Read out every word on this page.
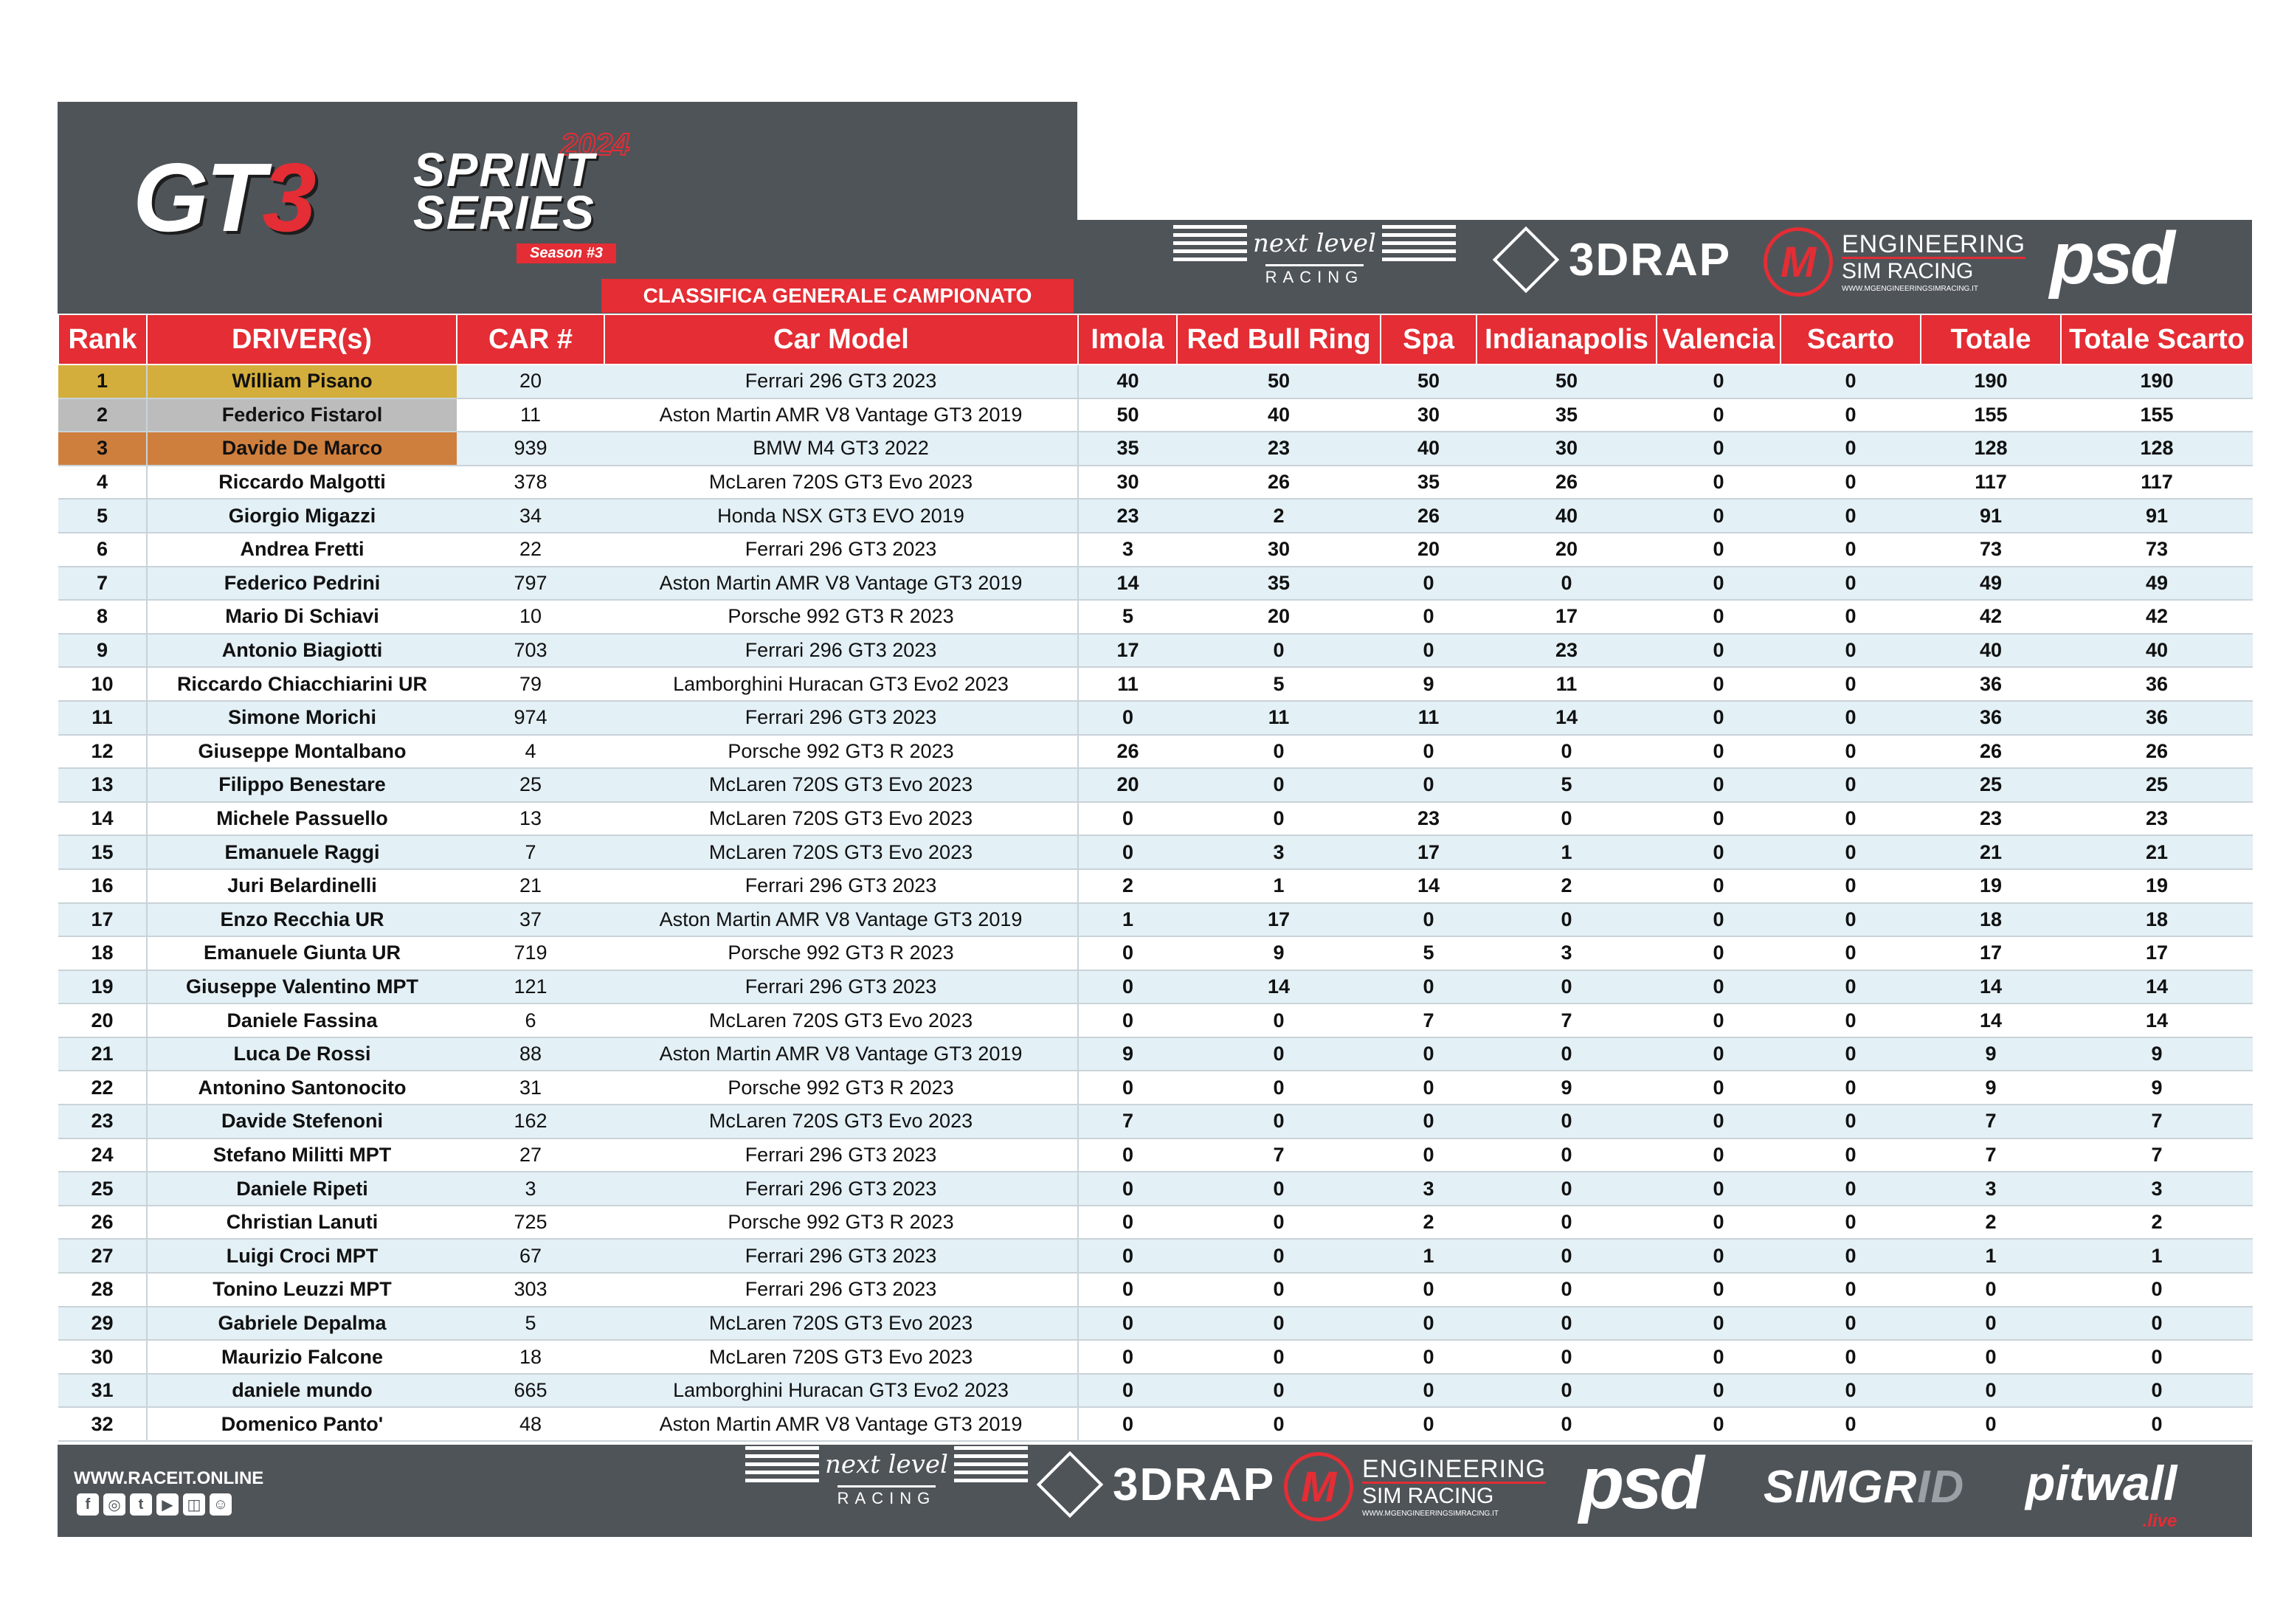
2024
GT3 SPRINT
SERIES
Season #3
CLASSIFICA GENERALE CAMPIONATO
next level
RACING	3DRAP	M	ENGINEERING
SIM RACING
WWW.MGENGINEERINGSIMRACING.IT psd
Rank	DRIVER(s)	CAR #	Car Model	Imola	Red Bull Ring	Spa	Indianapolis	Valencia	Scarto	Totale	Totale Scarto
1	William Pisano	20	Ferrari 296 GT3 2023	40	50	50	50	0	0	190	190
2	Federico Fistarol	11	Aston Martin AMR V8 Vantage GT3 2019	50	40	30	35	0	0	155	155
3	Davide De Marco	939	BMW M4 GT3 2022	35	23	40	30	0	0	128	128
4	Riccardo Malgotti	378	McLaren 720S GT3 Evo 2023	30	26	35	26	0	0	117	117
5	Giorgio Migazzi	34	Honda NSX GT3 EVO 2019	23	2	26	40	0	0	91	91
6	Andrea Fretti	22	Ferrari 296 GT3 2023	3	30	20	20	0	0	73	73
7	Federico Pedrini	797	Aston Martin AMR V8 Vantage GT3 2019	14	35	0	0	0	0	49	49
8	Mario Di Schiavi	10	Porsche 992 GT3 R 2023	5	20	0	17	0	0	42	42
9	Antonio Biagiotti	703	Ferrari 296 GT3 2023	17	0	0	23	0	0	40	40
10	Riccardo Chiacchiarini UR	79	Lamborghini Huracan GT3 Evo2 2023	11	5	9	11	0	0	36	36
11	Simone Morichi	974	Ferrari 296 GT3 2023	0	11	11	14	0	0	36	36
12	Giuseppe Montalbano	4	Porsche 992 GT3 R 2023	26	0	0	0	0	0	26	26
13	Filippo Benestare	25	McLaren 720S GT3 Evo 2023	20	0	0	5	0	0	25	25
14	Michele Passuello	13	McLaren 720S GT3 Evo 2023	0	0	23	0	0	0	23	23
15	Emanuele Raggi	7	McLaren 720S GT3 Evo 2023	0	3	17	1	0	0	21	21
16	Juri Belardinelli	21	Ferrari 296 GT3 2023	2	1	14	2	0	0	19	19
17	Enzo Recchia UR	37	Aston Martin AMR V8 Vantage GT3 2019	1	17	0	0	0	0	18	18
18	Emanuele Giunta UR	719	Porsche 992 GT3 R 2023	0	9	5	3	0	0	17	17
19	Giuseppe Valentino MPT	121	Ferrari 296 GT3 2023	0	14	0	0	0	0	14	14
20	Daniele Fassina	6	McLaren 720S GT3 Evo 2023	0	0	7	7	0	0	14	14
21	Luca De Rossi	88	Aston Martin AMR V8 Vantage GT3 2019	9	0	0	0	0	0	9	9
22	Antonino Santonocito	31	Porsche 992 GT3 R 2023	0	0	0	9	0	0	9	9
23	Davide Stefenoni	162	McLaren 720S GT3 Evo 2023	7	0	0	0	0	0	7	7
24	Stefano Militti MPT	27	Ferrari 296 GT3 2023	0	7	0	0	0	0	7	7
25	Daniele Ripeti	3	Ferrari 296 GT3 2023	0	0	3	0	0	0	3	3
26	Christian Lanuti	725	Porsche 992 GT3 R 2023	0	0	2	0	0	0	2	2
27	Luigi Croci MPT	67	Ferrari 296 GT3 2023	0	0	1	0	0	0	1	1
28	Tonino Leuzzi MPT	303	Ferrari 296 GT3 2023	0	0	0	0	0	0	0	0
29	Gabriele Depalma	5	McLaren 720S GT3 Evo 2023	0	0	0	0	0	0	0	0
30	Maurizio Falcone	18	McLaren 720S GT3 Evo 2023	0	0	0	0	0	0	0	0
31	daniele mundo	665	Lamborghini Huracan GT3 Evo2 2023	0	0	0	0	0	0	0	0
32	Domenico Panto'	48	Aston Martin AMR V8 Vantage GT3 2019	0	0	0	0	0	0	0	0
WWW.RACEIT.ONLINE
f	◎	t	▶ ◫ ☺
next level
RACING	3DRAP M	ENGINEERING
SIM RACING
WWW.MGENGINEERINGSIMRACING.IT	psd SIMGR ID pitwall
.live
